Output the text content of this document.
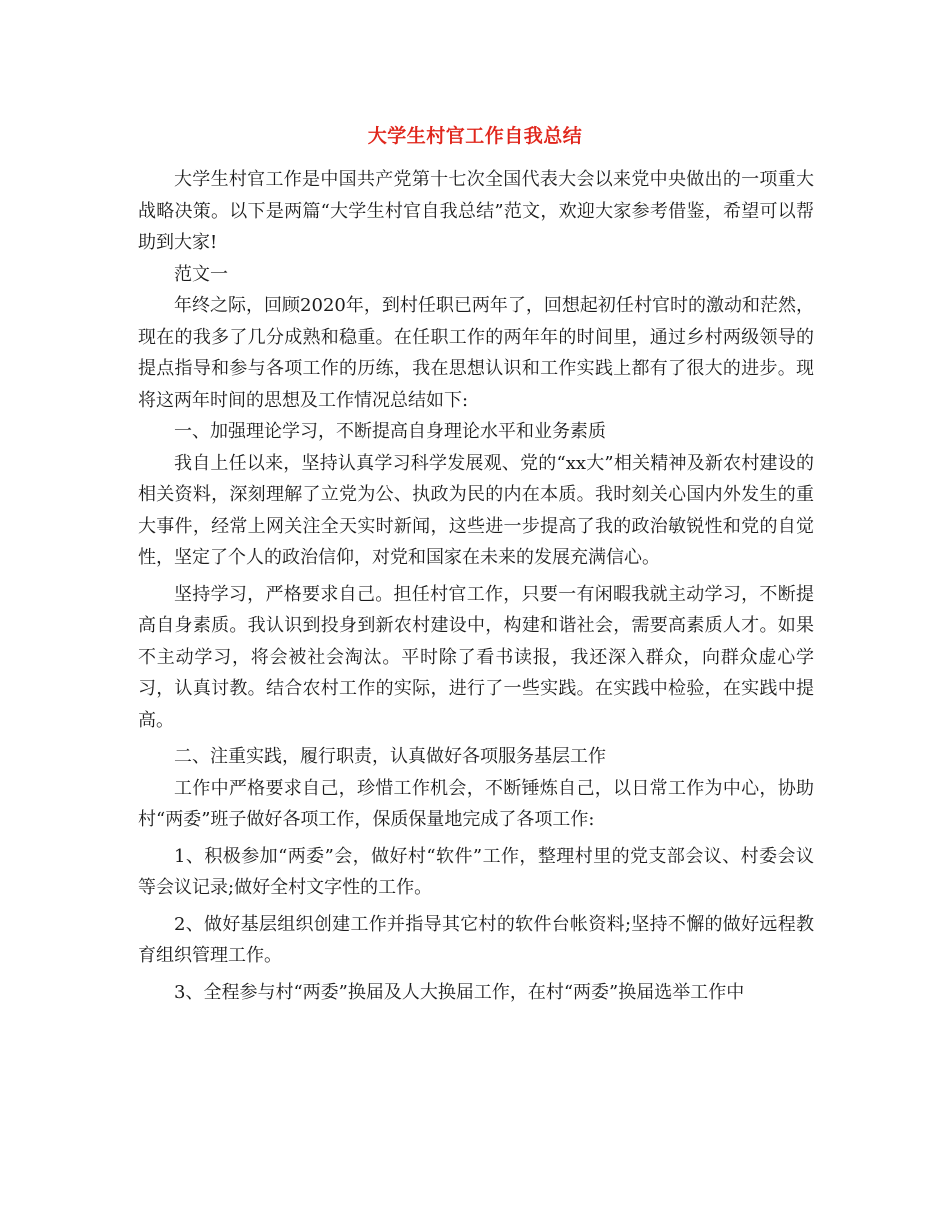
大学生村官工作自我总结

大学生村官工作是中国共产党第十七次全国代表大会以来党中央做出的一项重大战略决策。以下是两篇“大学生村官自我总结”范文，欢迎大家参考借鉴，希望可以帮助到大家!

范文一

年终之际，回顾2020年，到村任职已两年了，回想起初任村官时的激动和茫然，现在的我多了几分成熟和稳重。在任职工作的两年年的时间里，通过乡村两级领导的提点指导和参与各项工作的历练，我在思想认识和工作实践上都有了很大的进步。现将这两年时间的思想及工作情况总结如下:

一、加强理论学习，不断提高自身理论水平和业务素质

我自上任以来，坚持认真学习科学发展观、党的“xx大”相关精神及新农村建设的相关资料，深刻理解了立党为公、执政为民的内在本质。我时刻关心国内外发生的重大事件，经常上网关注全天实时新闻，这些进一步提高了我的政治敏锐性和党的自觉性，坚定了个人的政治信仰，对党和国家在未来的发展充满信心。

坚持学习，严格要求自己。担任村官工作，只要一有闲暇我就主动学习，不断提高自身素质。我认识到投身到新农村建设中，构建和谐社会，需要高素质人才。如果不主动学习，将会被社会淘汰。平时除了看书读报，我还深入群众，向群众虚心学习，认真讨教。结合农村工作的实际，进行了一些实践。在实践中检验，在实践中提高。

二、注重实践，履行职责，认真做好各项服务基层工作

工作中严格要求自己，珍惜工作机会，不断锤炼自己，以日常工作为中心，协助村“两委”班子做好各项工作，保质保量地完成了各项工作:

1、积极参加“两委”会，做好村“软件”工作，整理村里的党支部会议、村委会议等会议记录;做好全村文字性的工作。

2、做好基层组织创建工作并指导其它村的软件台帐资料;坚持不懈的做好远程教育组织管理工作。

3、全程参与村“两委”换届及人大换届工作，在村“两委”换届选举工作中
